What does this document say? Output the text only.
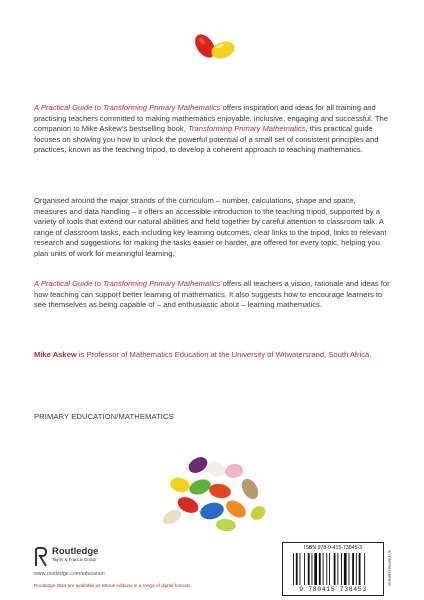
A Practical Guide to Transforming Primary Mathematics offers inspiration and ideas for all training and practising teachers committed to making mathematics enjoyable, inclusive, engaging and successful. The companion to Mike Askew’s bestselling book, Transforming Primary Mathematics, this practical guide focuses on showing you how to unlock the powerful potential of a small set of consistent principles and practices, known as the teaching tripod, to develop a coherent approach to teaching mathematics.

Organised around the major strands of the curriculum – number, calculations, shape and space, measures and data handling – it offers an accessible introduction to the teaching tripod, supported by a variety of tools that extend our natural abilities and held together by careful attention to classroom talk. A range of classroom tasks, each including key learning outcomes, clear links to the tripod, links to relevant research and suggestions for making the tasks easier or harder, are offered for every topic, helping you plan units of work for meaningful learning.

A Practical Guide to Transforming Primary Mathematics offers all teachers a vision, rationale and ideas for how teaching can support better learning of mathematics. It also suggests how to encourage learners to see themselves as being capable of – and enthusiastic about – learning mathematics.

Mike Askew is Professor of Mathematics Education at the University of Witwatersrand, South Africa.

PRIMARY EDUCATION/MATHEMATICS
Routledge
Taylor & Francis Group
www.routledge.com/education
Routledge titles are available as eBook editions in a range of digital formats
ISBN 978-0-415-73845-3
9 780415 738453
an informa business
